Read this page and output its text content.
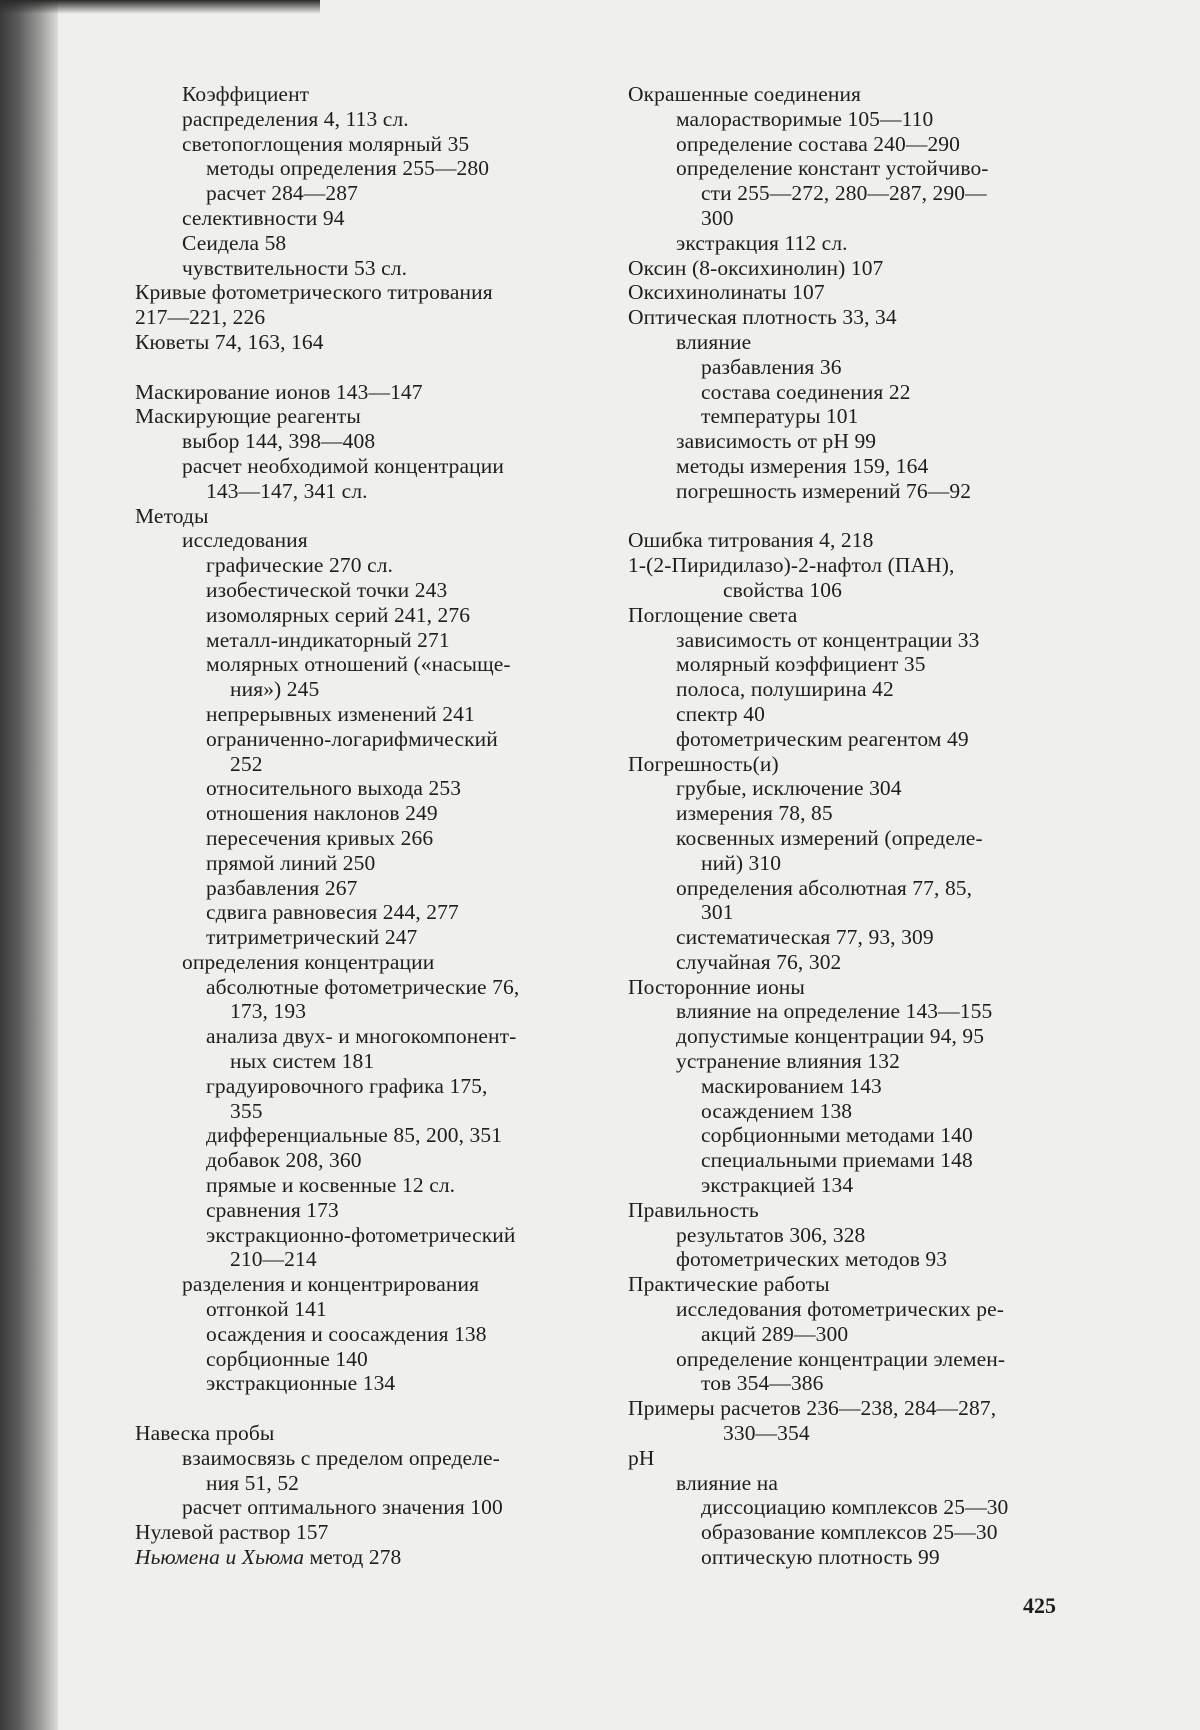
Коэффициент
распределения 4, 113 сл.
светопоглощения молярный 35
методы определения 255—280
расчет 284—287
селективности 94
Сеидела 58
чувствительности 53 сл.
Кривые фотометрического титрования
217—221, 226
Кюветы 74, 163, 164
Маскирование ионов 143—147
Маскирующие реагенты
выбор 144, 398—408
расчет необходимой концентрации
143—147, 341 сл.
Методы
исследования
графические 270 сл.
изобестической точки 243
изомолярных серий 241, 276
металл-индикаторный 271
молярных отношений («насыще-
ния») 245
непрерывных изменений 241
ограниченно-логарифмический
252
относительного выхода 253
отношения наклонов 249
пересечения кривых 266
прямой линий 250
разбавления 267
сдвига равновесия 244, 277
титриметрический 247
определения концентрации
абсолютные фотометрические 76,
173, 193
анализа двух- и многокомпонент-
ных систем 181
градуировочного графика 175,
355
дифференциальные 85, 200, 351
добавок 208, 360
прямые и косвенные 12 сл.
сравнения 173
экстракционно-фотометрический
210—214
разделения и концентрирования
отгонкой 141
осаждения и соосаждения 138
сорбционные 140
экстракционные 134
Навеска пробы
взаимосвязь с пределом определе-
ния 51, 52
расчет оптимального значения 100
Нулевой раствор 157
Ньюмена и Хьюма метод 278
Окрашенные соединения
малорастворимые 105—110
определение состава 240—290
определение констант устойчиво-
сти 255—272, 280—287, 290—
300
экстракция 112 сл.
Оксин (8-оксихинолин) 107
Оксихинолинаты 107
Оптическая плотность 33, 34
влияние
разбавления 36
состава соединения 22
температуры 101
зависимость от pH 99
методы измерения 159, 164
погрешность измерений 76—92
Ошибка титрования 4, 218
1-(2-Пиридилазо)-2-нафтол (ПАН),
свойства 106
Поглощение света
зависимость от концентрации 33
молярный коэффициент 35
полоса, полуширина 42
спектр 40
фотометрическим реагентом 49
Погрешность(и)
грубые, исключение 304
измерения 78, 85
косвенных измерений (определе-
ний) 310
определения абсолютная 77, 85,
301
систематическая 77, 93, 309
случайная 76, 302
Посторонние ионы
влияние на определение 143—155
допустимые концентрации 94, 95
устранение влияния 132
маскированием 143
осаждением 138
сорбционными методами 140
специальными приемами 148
экстракцией 134
Правильность
результатов 306, 328
фотометрических методов 93
Практические работы
исследования фотометрических ре-
акций 289—300
определение концентрации элемен-
тов 354—386
Примеры расчетов 236—238, 284—287,
330—354
pH
влияние на
диссоциацию комплексов 25—30
образование комплексов 25—30
оптическую плотность 99
425
